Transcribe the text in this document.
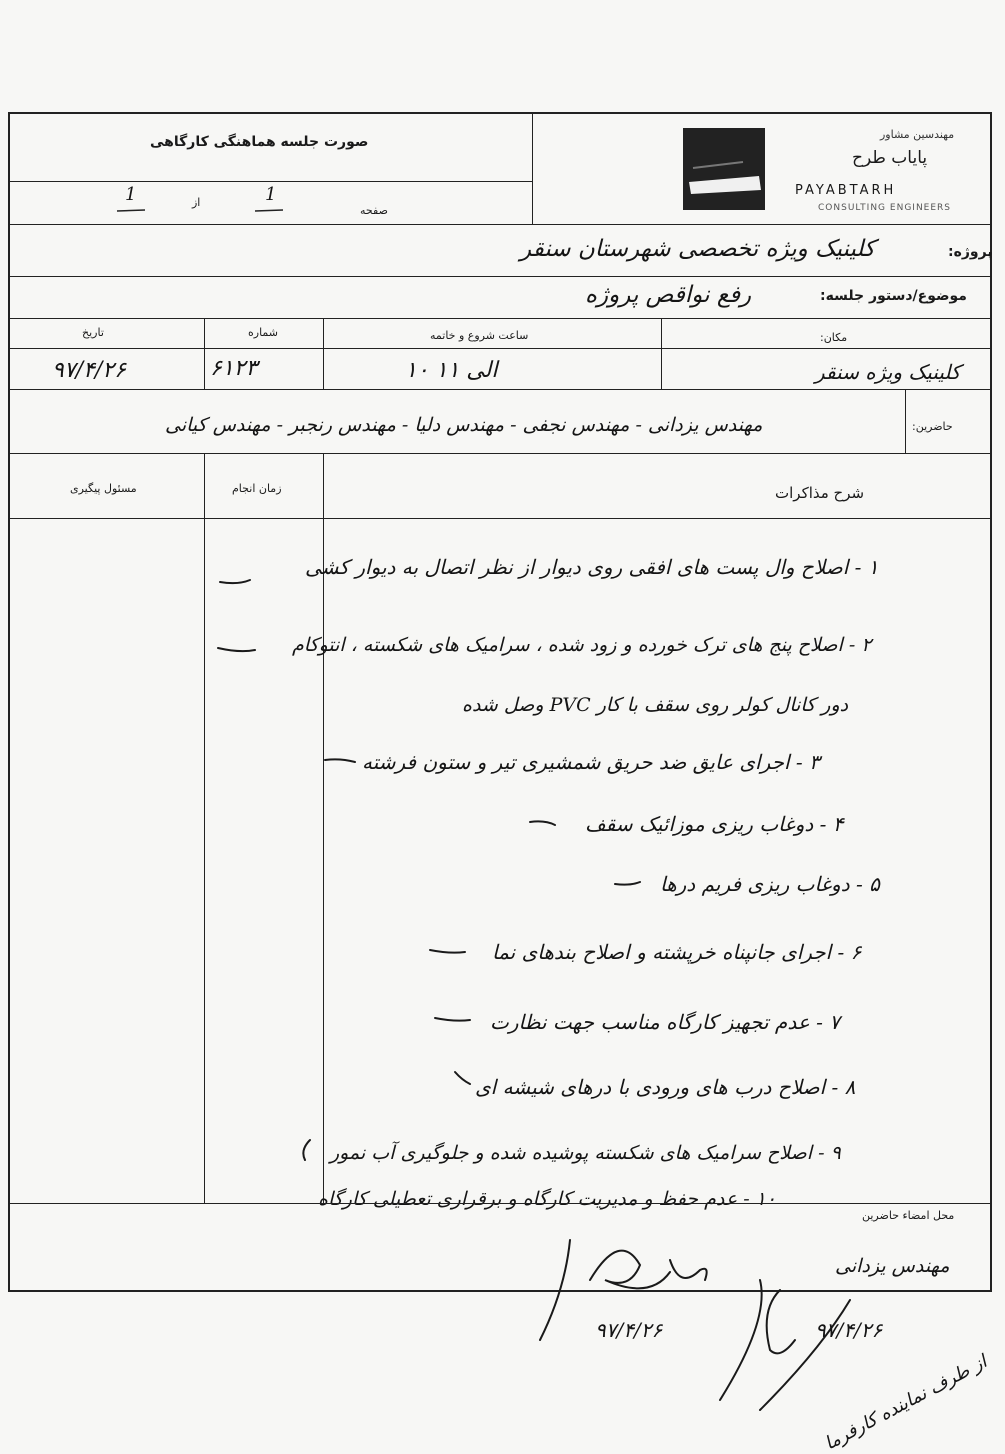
صورت جلسه هماهنگی کارگاهی
صفحه
1
از
1
مهندسین مشاور
پاياب طرح
PAYABTARH
CONSULTING ENGINEERS
پروژه:
کلینیک ویژه تخصصی شهرستان سنقر
موضوع/دستور جلسه:
رفع نواقص پروژه
تاریخ	شماره	ساعت شروع و خاتمه	مکان:
۹۷/۴/۲۶	۶۱۲۳	۱۰ الی ۱۱	کلینیک ویژه سنقر
حاضرین:
مهندس یزدانی - مهندس نجفی - مهندس دلیا - مهندس رنجبر - مهندس کیانی
مسئول پیگیری	زمان انجام	شرح مذاکرات
۱ - اصلاح وال پست های افقی روی دیوار از نظر اتصال به دیوار کشی
۲ - اصلاح پنج های ترک خورده و زود شده ، سرامیک های شکسته ، انتوکام
دور کانال کولر روی سقف با کار PVC وصل شده
۳ - اجرای عایق ضد حریق شمشیری تیر و ستون فرشته
۴ - دوغاب ریزی موزائیک سقف
۵ - دوغاب ریزی فریم درها
۶ - اجرای جانپناه خرپشته و اصلاح بندهای نما
۷ - عدم تجهیز کارگاه مناسب جهت نظارت
۸ - اصلاح درب های ورودی با درهای شیشه ای
۹ - اصلاح سرامیک های شکسته پوشیده شده و جلوگیری آب نمور
۱۰ - عدم حفظ و مدیریت کارگاه و برقراری تعطیلی کارگاه
محل امضاء حاضرین
مهندس یزدانی
۹۷/۴/۲۶	۹۷/۴/۲۶
از طرف نماینده کارفرما
